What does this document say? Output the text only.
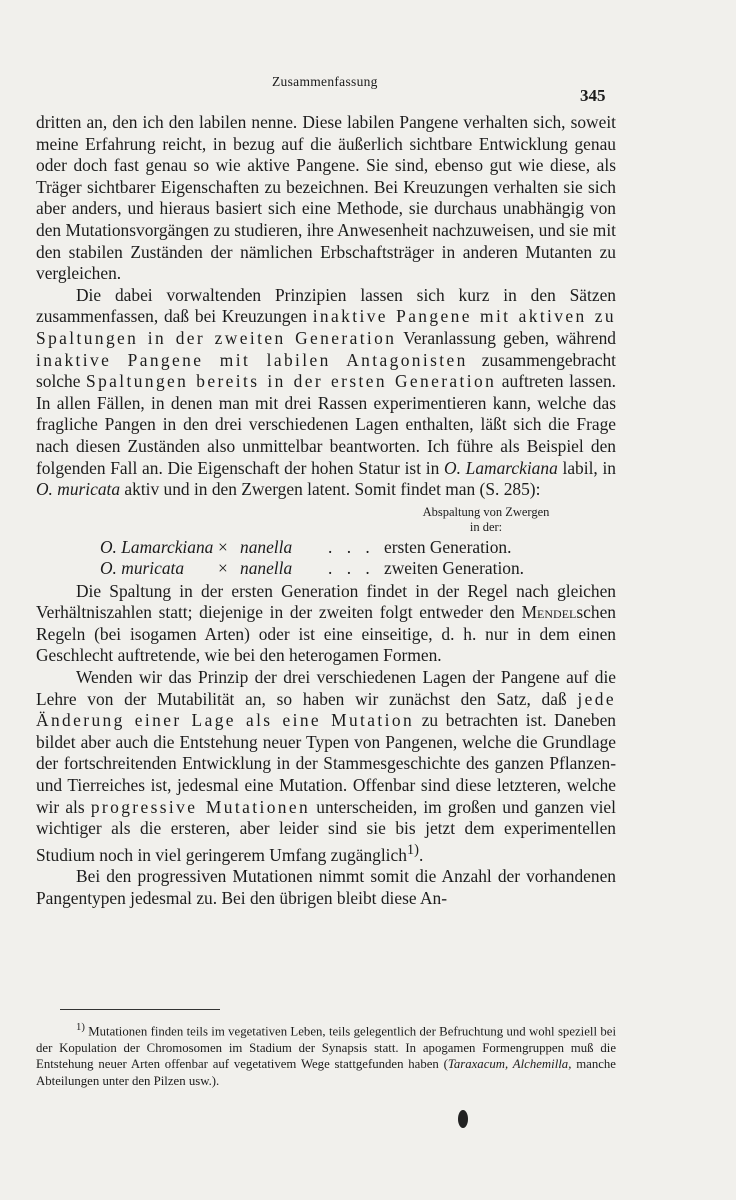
Zusammenfassung
345

dritten an, den ich den labilen nenne. Diese labilen Pangene verhalten sich, soweit meine Erfahrung reicht, in bezug auf die äußerlich sichtbare Entwicklung genau oder doch fast genau so wie aktive Pangene. Sie sind, ebenso gut wie diese, als Träger sichtbarer Eigenschaften zu bezeichnen. Bei Kreuzungen verhalten sie sich aber anders, und hieraus basiert sich eine Methode, sie durchaus unabhängig von den Mutationsvorgängen zu studieren, ihre Anwesenheit nachzuweisen, und sie mit den stabilen Zuständen der nämlichen Erbschaftsträger in anderen Mutanten zu vergleichen.

Die dabei vorwaltenden Prinzipien lassen sich kurz in den Sätzen zusammenfassen, daß bei Kreuzungen inaktive Pangene mit aktiven zu Spaltungen in der zweiten Generation Veranlassung geben, während inaktive Pangene mit labilen Antagonisten zusammengebracht solche Spaltungen bereits in der ersten Generation auftreten lassen. In allen Fällen, in denen man mit drei Rassen experimentieren kann, welche das fragliche Pangen in den drei verschiedenen Lagen enthalten, läßt sich die Frage nach diesen Zuständen also unmittelbar beantworten. Ich führe als Beispiel den folgenden Fall an. Die Eigenschaft der hohen Statur ist in O. Lamarckiana labil, in O. muricata aktiv und in den Zwergen latent. Somit findet man (S. 285):

Abspaltung von Zwergen
in der:
O. Lamarckiana × nanella	. . . ersten Generation.
O. muricata	× nanella	. . . zweiten Generation.

Die Spaltung in der ersten Generation findet in der Regel nach gleichen Verhältniszahlen statt; diejenige in der zweiten folgt entweder den Mendelschen Regeln (bei isogamen Arten) oder ist eine einseitige, d. h. nur in dem einen Geschlecht auftretende, wie bei den heterogamen Formen.

Wenden wir das Prinzip der drei verschiedenen Lagen der Pangene auf die Lehre von der Mutabilität an, so haben wir zunächst den Satz, daß jede Änderung einer Lage als eine Mutation zu betrachten ist. Daneben bildet aber auch die Entstehung neuer Typen von Pangenen, welche die Grundlage der fortschreitenden Entwicklung in der Stammesgeschichte des ganzen Pflanzen- und Tierreiches ist, jedesmal eine Mutation. Offenbar sind diese letzteren, welche wir als progressive Mutationen unterscheiden, im großen und ganzen viel wichtiger als die ersteren, aber leider sind sie bis jetzt dem experimentellen Studium noch in viel geringerem Umfang zugänglich$^{1)}$.

Bei den progressiven Mutationen nimmt somit die Anzahl der vorhandenen Pangentypen jedesmal zu. Bei den übrigen bleibt diese An-

$^{1)}$ Mutationen finden teils im vegetativen Leben, teils gelegentlich der Befruchtung und wohl speziell bei der Kopulation der Chromosomen im Stadium der Synapsis statt. In apogamen Formengruppen muß die Entstehung neuer Arten offenbar auf vegetativem Wege stattgefunden haben (Taraxacum, Alchemilla, manche Abteilungen unter den Pilzen usw.).
